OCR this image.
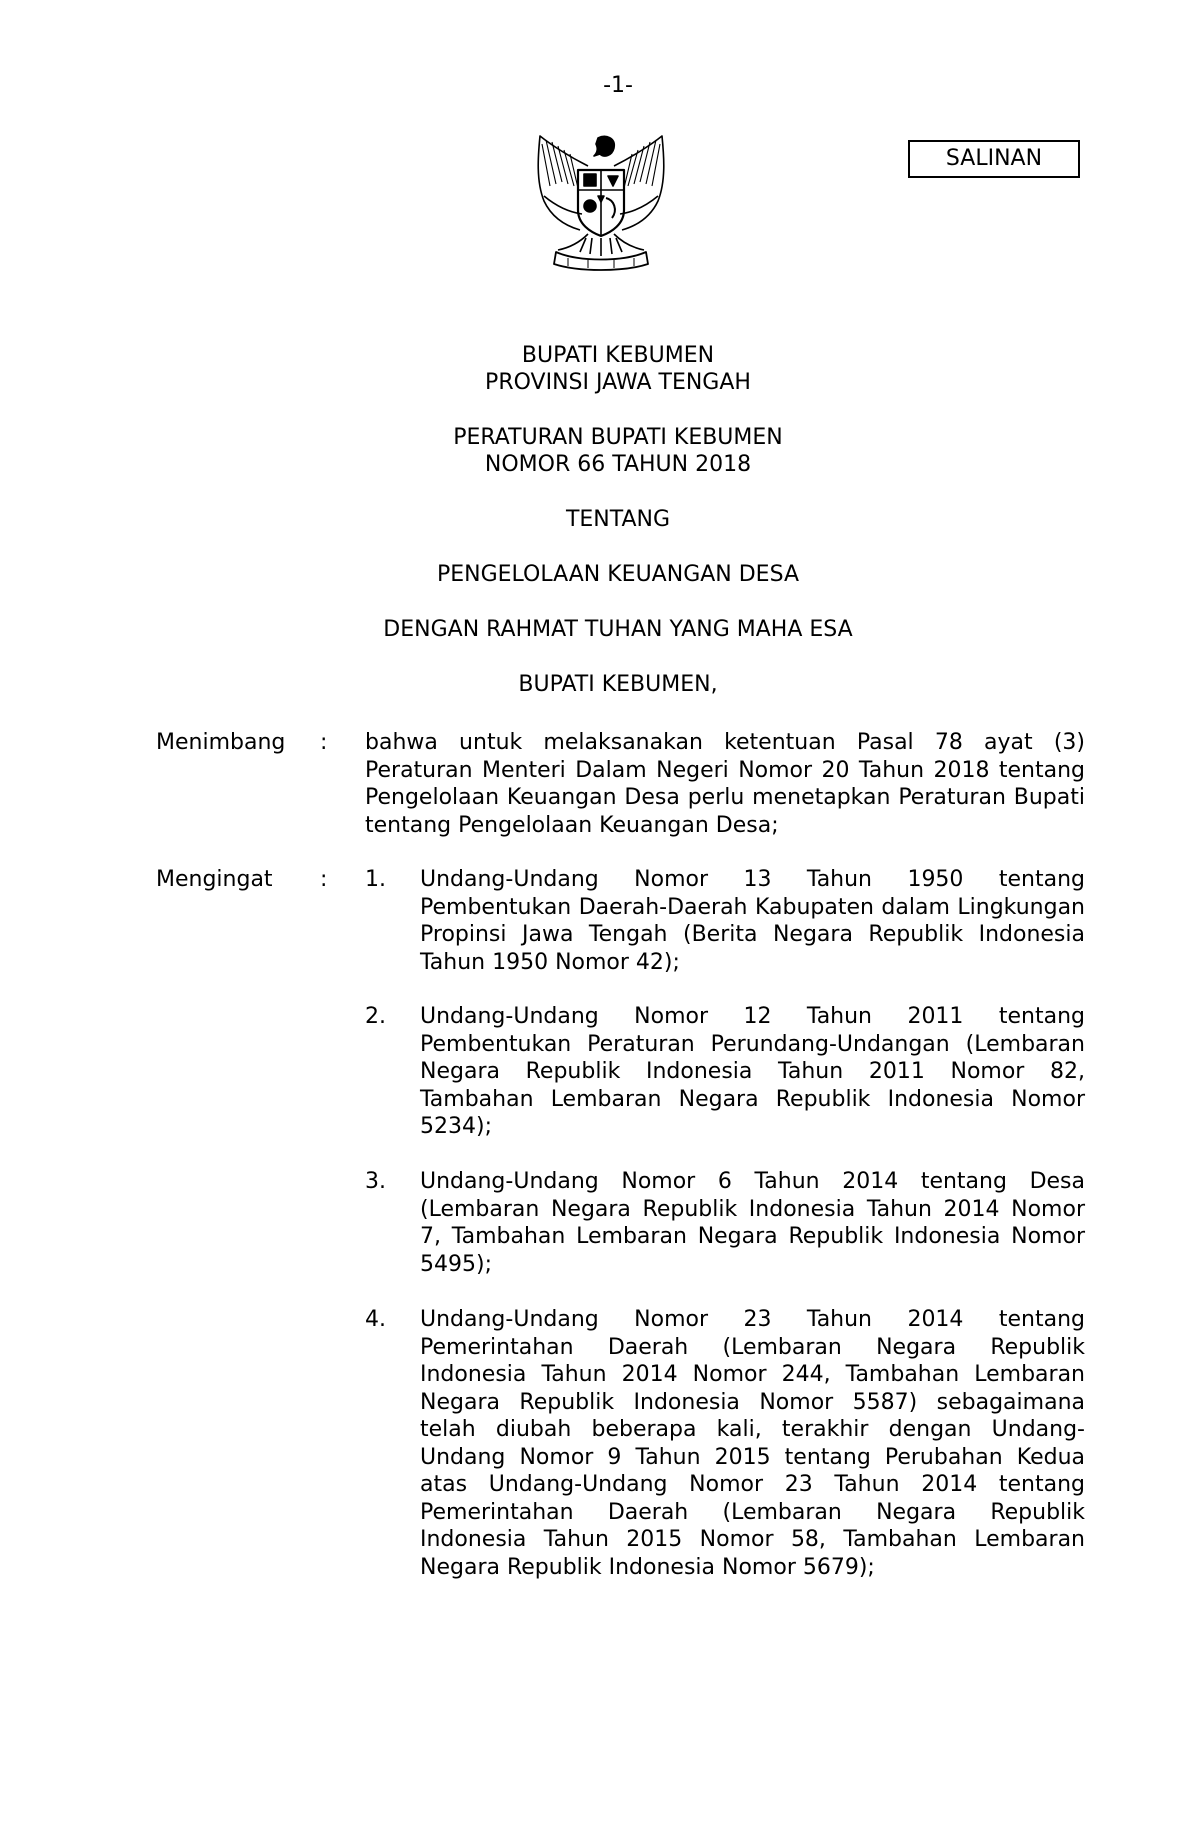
-1-
SALINAN
BUPATI KEBUMEN
PROVINSI JAWA TENGAH
PERATURAN BUPATI KEBUMEN
NOMOR 66 TAHUN 2018
TENTANG
PENGELOLAAN KEUANGAN DESA
DENGAN RAHMAT TUHAN YANG MAHA ESA
BUPATI KEBUMEN,
Menimbang : bahwa untuk melaksanakan ketentuan Pasal 78 ayat (3) Peraturan Menteri Dalam Negeri Nomor 20 Tahun 2018 tentang Pengelolaan Keuangan Desa perlu menetapkan Peraturan Bupati tentang Pengelolaan Keuangan Desa;
Mengingat : 1. Undang-Undang Nomor 13 Tahun 1950 tentang Pembentukan Daerah-Daerah Kabupaten dalam Lingkungan Propinsi Jawa Tengah (Berita Negara Republik Indonesia Tahun 1950 Nomor 42);
2. Undang-Undang Nomor 12 Tahun 2011 tentang Pembentukan Peraturan Perundang-Undangan (Lembaran Negara Republik Indonesia Tahun 2011 Nomor 82, Tambahan Lembaran Negara Republik Indonesia Nomor 5234);
3. Undang-Undang Nomor 6 Tahun 2014 tentang Desa (Lembaran Negara Republik Indonesia Tahun 2014 Nomor 7, Tambahan Lembaran Negara Republik Indonesia Nomor 5495);
4. Undang-Undang Nomor 23 Tahun 2014 tentang Pemerintahan Daerah (Lembaran Negara Republik Indonesia Tahun 2014 Nomor 244, Tambahan Lembaran Negara Republik Indonesia Nomor 5587) sebagaimana telah diubah beberapa kali, terakhir dengan Undang-Undang Nomor 9 Tahun 2015 tentang Perubahan Kedua atas Undang-Undang Nomor 23 Tahun 2014 tentang Pemerintahan Daerah (Lembaran Negara Republik Indonesia Tahun 2015 Nomor 58, Tambahan Lembaran Negara Republik Indonesia Nomor 5679);
